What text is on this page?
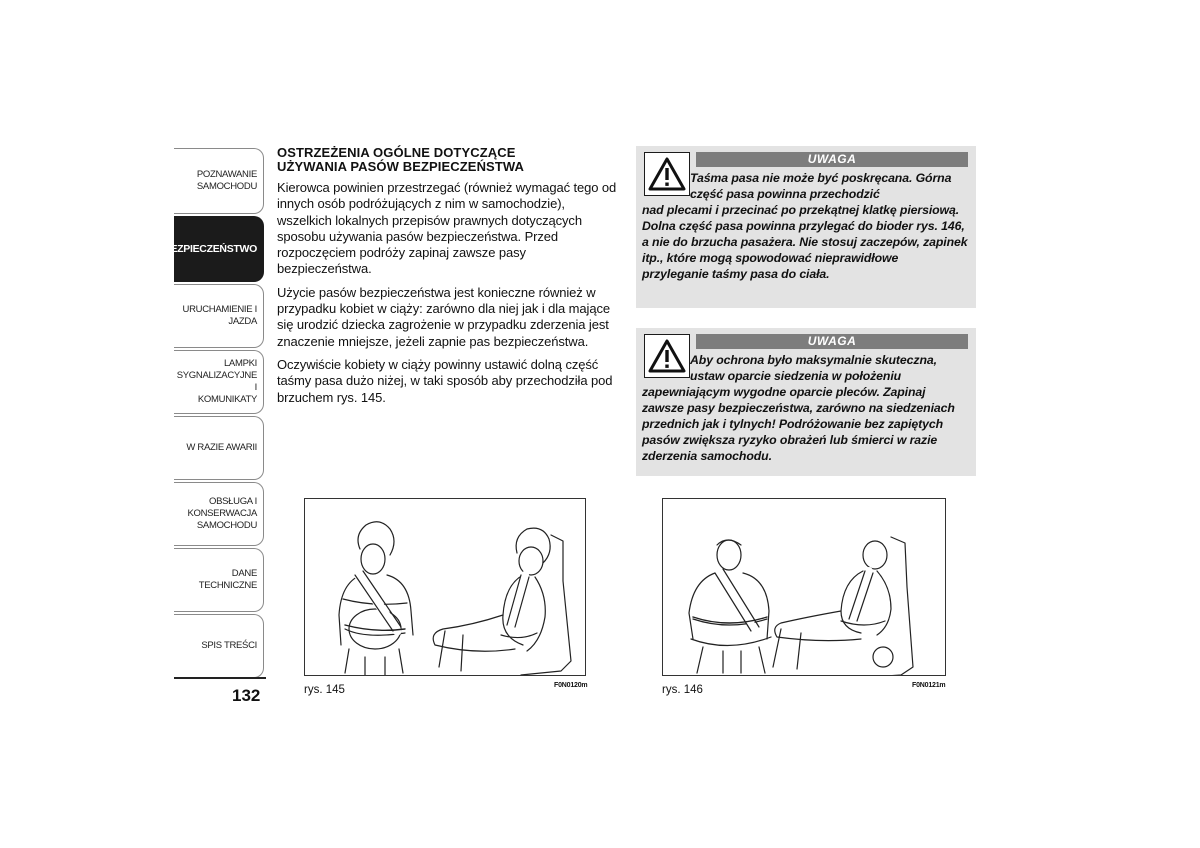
POZNAWANIE
SAMOCHODU
BEZPIECZEŃSTWO
URUCHAMIENIE I
JAZDA
LAMPKI
SYGNALIZACYJNE I
KOMUNIKATY
W RAZIE AWARII
OBSŁUGA I
KONSERWACJA
SAMOCHODU
DANE TECHNICZNE
SPIS TREŚCI
132
OSTRZEŻENIA OGÓLNE DOTYCZĄCE
UŻYWANIA PASÓW BEZPIECZEŃSTWA

Kierowca powinien przestrzegać (również wymagać tego od innych osób podróżujących z nim w samochodzie), wszelkich lokalnych przepisów prawnych dotyczących sposobu używania pasów bezpieczeństwa. Przed rozpoczęciem podróży zapinaj zawsze pasy bezpieczeństwa.

Użycie pasów bezpieczeństwa jest konieczne również w przypadku kobiet w ciąży: zarówno dla niej jak i dla mające się urodzić dziecka zagrożenie w przypadku zderzenia jest znaczenie mniejsze, jeżeli zapnie pas bezpieczeństwa.

Oczywiście kobiety w ciąży powinny ustawić dolną część taśmy pasa dużo niżej, w taki sposób aby przechodziła pod brzuchem rys. 145.

UWAGA
Taśma pasa nie może być poskręcana. Górna część pasa powinna przechodzić
nad plecami i przecinać po przekątnej klatkę piersiową. Dolna część pasa powinna przylegać do bioder rys. 146, a nie do brzucha pasażera. Nie stosuj zaczepów, zapinek itp., które mogą spowodować nieprawidłowe przyleganie taśmy pasa do ciała.
UWAGA
Aby ochrona było maksymalnie skuteczna, ustaw oparcie siedzenia w położeniu
zapewniającym wygodne oparcie pleców. Zapinaj zawsze pasy bezpieczeństwa, zarówno na siedzeniach przednich jak i tylnych! Podróżowanie bez zapiętych pasów zwiększa ryzyko obrażeń lub śmierci w razie zderzenia samochodu.
rys. 145	F0N0120m	rys. 146	F0N0121m
